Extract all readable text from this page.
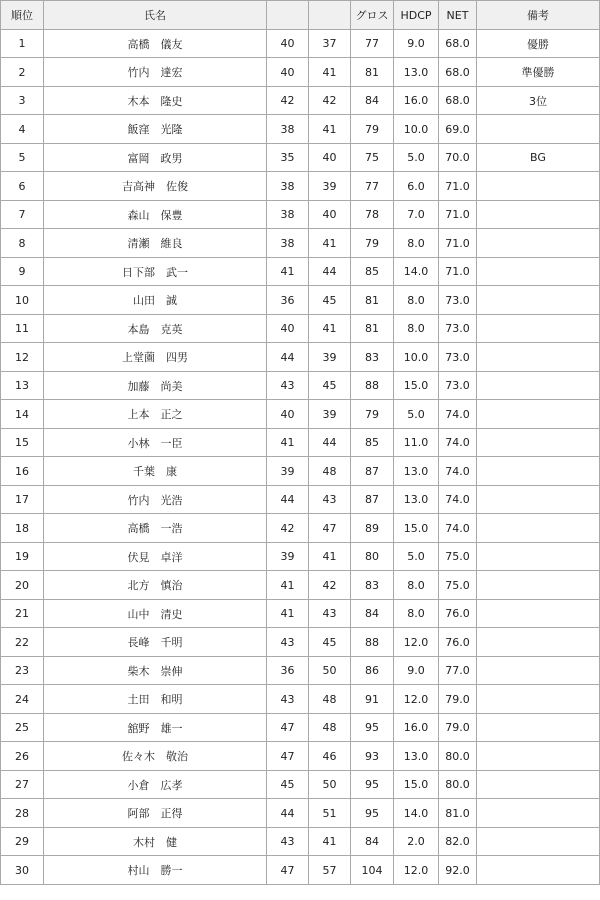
順位	氏名			グロス	HDCP	NET	備考
1	高橋　儀友	40	37	77	9.0	68.0	優勝
2	竹内　達宏	40	41	81	13.0	68.0	準優勝
3	木本　隆史	42	42	84	16.0	68.0	3位
4	飯窪　光隆	38	41	79	10.0	69.0	
5	富岡　政男	35	40	75	5.0	70.0	BG
6	吉高神　佐俊	38	39	77	6.0	71.0	
7	森山　保豊	38	40	78	7.0	71.0	
8	清瀬　維良	38	41	79	8.0	71.0	
9	日下部　武一	41	44	85	14.0	71.0	
10	山田　誠	36	45	81	8.0	73.0	
11	本島　克英	40	41	81	8.0	73.0	
12	上堂薗　四男	44	39	83	10.0	73.0	
13	加藤　尚美	43	45	88	15.0	73.0	
14	上本　正之	40	39	79	5.0	74.0	
15	小林　一臣	41	44	85	11.0	74.0	
16	千葉　康	39	48	87	13.0	74.0	
17	竹内　光浩	44	43	87	13.0	74.0	
18	高橋　一浩	42	47	89	15.0	74.0	
19	伏見　卓洋	39	41	80	5.0	75.0	
20	北方　慎治	41	42	83	8.0	75.0	
21	山中　清史	41	43	84	8.0	76.0	
22	長峰　千明	43	45	88	12.0	76.0	
23	柴木　崇伸	36	50	86	9.0	77.0	
24	土田　和明	43	48	91	12.0	79.0	
25	舘野　雄一	47	48	95	16.0	79.0	
26	佐々木　敬治	47	46	93	13.0	80.0	
27	小倉　広孝	45	50	95	15.0	80.0	
28	阿部　正得	44	51	95	14.0	81.0	
29	木村　健	43	41	84	2.0	82.0	
30	村山　勝一	47	57	104	12.0	92.0	
